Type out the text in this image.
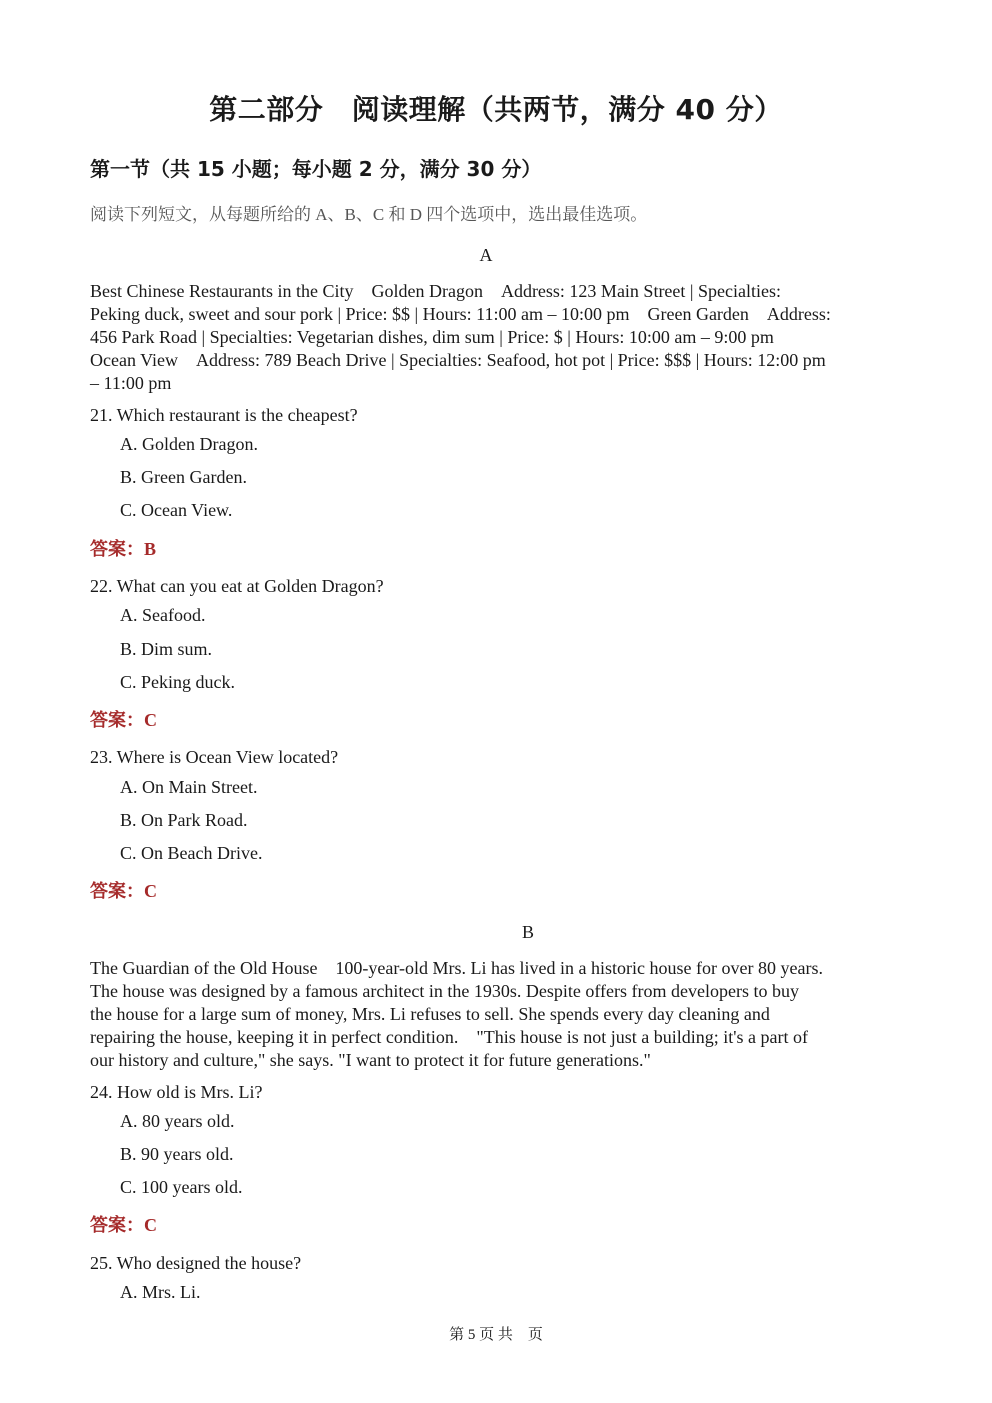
第二部分　阅读理解（共两节，满分 40 分）
第一节（共 15 小题；每小题 2 分，满分 30 分）
阅读下列短文，从每题所给的 A、B、C 和 D 四个选项中，选出最佳选项。
A
Best Chinese Restaurants in the City　Golden Dragon　Address: 123 Main Street | Specialties:
Peking duck, sweet and sour pork | Price: $$ | Hours: 11:00 am – 10:00 pm　Green Garden　Address:
456 Park Road | Specialties: Vegetarian dishes, dim sum | Price: $ | Hours: 10:00 am – 9:00 pm
Ocean View　Address: 789 Beach Drive | Specialties: Seafood, hot pot | Price: $$$ | Hours: 12:00 pm
– 11:00 pm
21. Which restaurant is the cheapest?
A. Golden Dragon.
B. Green Garden.
C. Ocean View.
答案：B
22. What can you eat at Golden Dragon?
A. Seafood.
B. Dim sum.
C. Peking duck.
答案：C
23. Where is Ocean View located?
A. On Main Street.
B. On Park Road.
C. On Beach Drive.
答案：C
B
The Guardian of the Old House　100-year-old Mrs. Li has lived in a historic house for over 80 years.
The house was designed by a famous architect in the 1930s. Despite offers from developers to buy
the house for a large sum of money, Mrs. Li refuses to sell. She spends every day cleaning and
repairing the house, keeping it in perfect condition.　"This house is not just a building; it's a part of
our history and culture," she says. "I want to protect it for future generations."
24. How old is Mrs. Li?
A. 80 years old.
B. 90 years old.
C. 100 years old.
答案：C
25. Who designed the house?
A. Mrs. Li.
第 5 页 共　页
